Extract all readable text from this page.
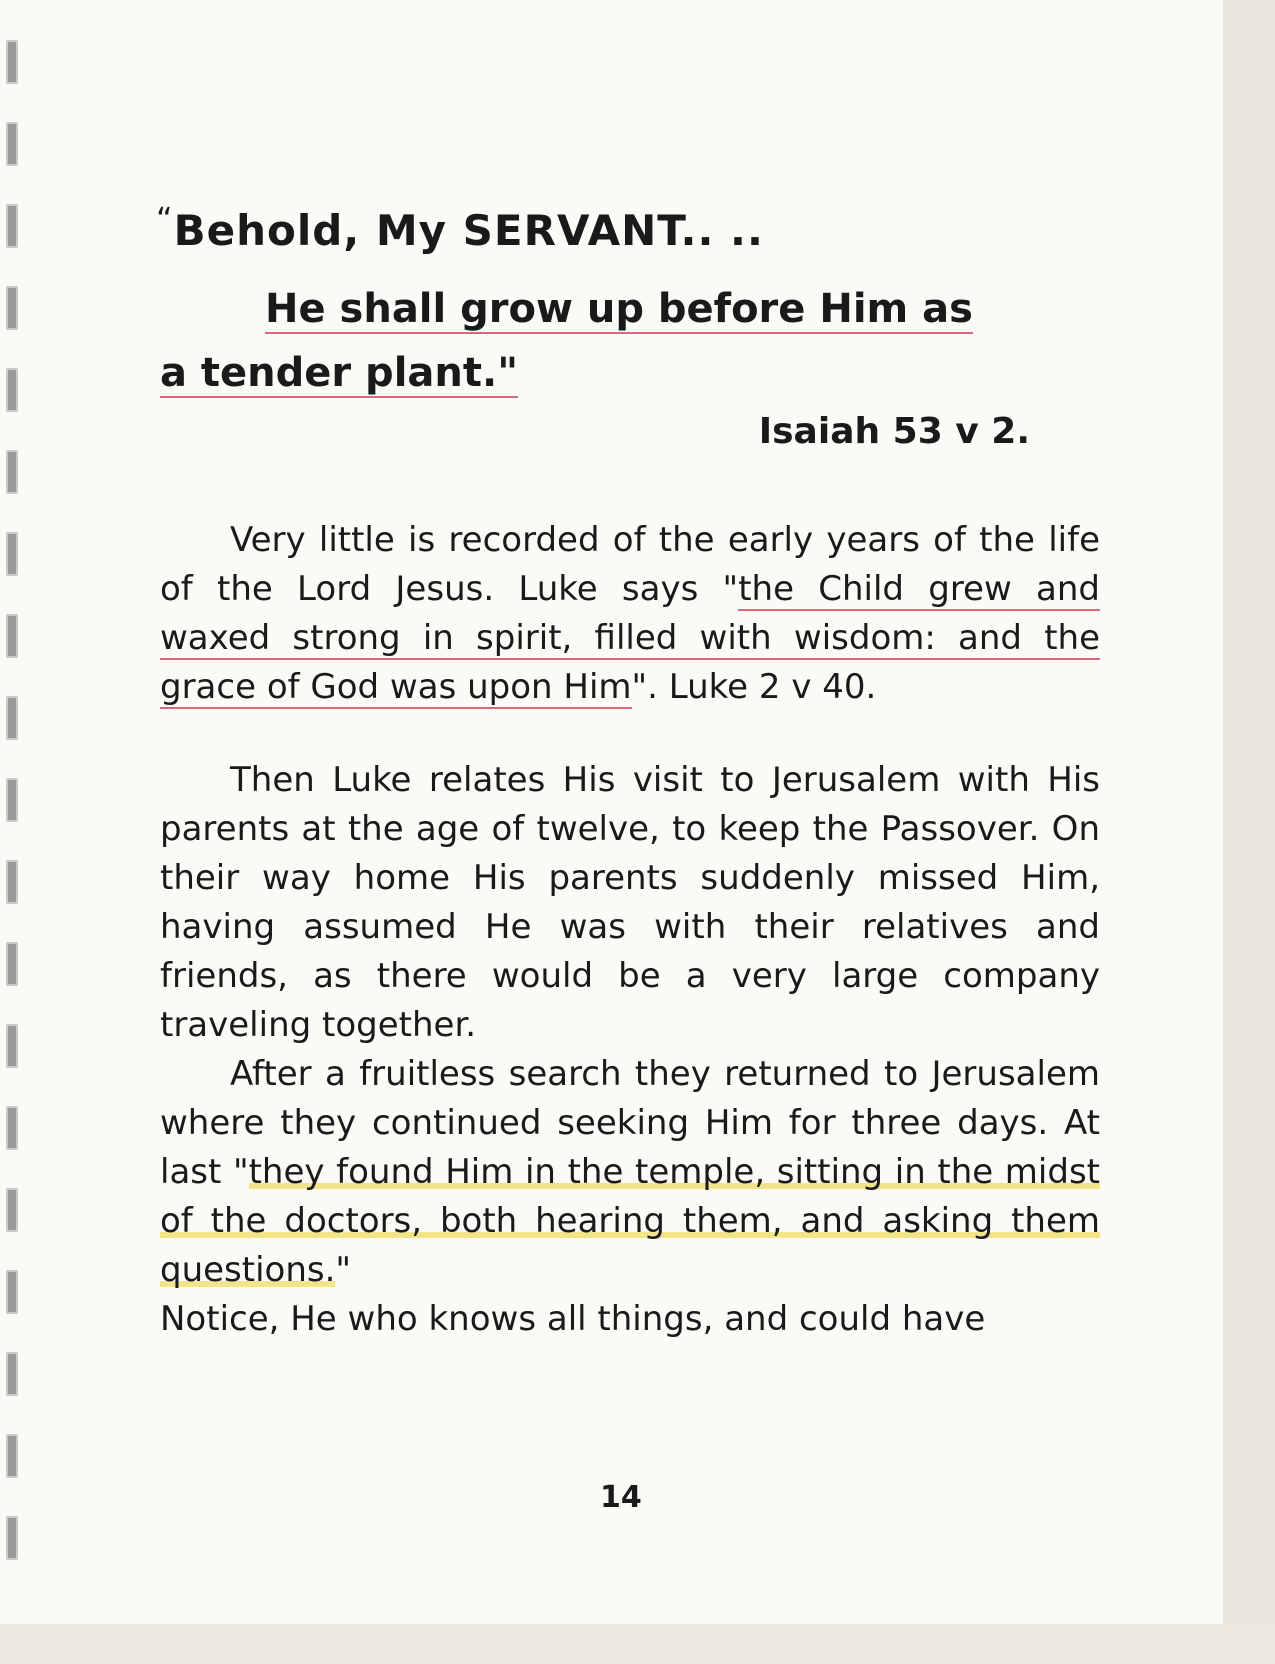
“Behold, My SERVANT.. ..
He shall grow up before Him as
a tender plant."
Isaiah 53 v 2.

Very little is recorded of the early years of the life of the Lord Jesus. Luke says "the Child grew and waxed strong in spirit, filled with wisdom: and the grace of God was upon Him". Luke 2 v 40.

Then Luke relates His visit to Jerusalem with His parents at the age of twelve, to keep the Passover. On their way home His parents suddenly missed Him, having assumed He was with their relatives and friends, as there would be a very large company traveling together.

After a fruitless search they returned to Jerusalem where they continued seeking Him for three days. At last "they found Him in the temple, sitting in the midst of the doctors, both hearing them, and asking them questions."

Notice, He who knows all things, and could have

14
